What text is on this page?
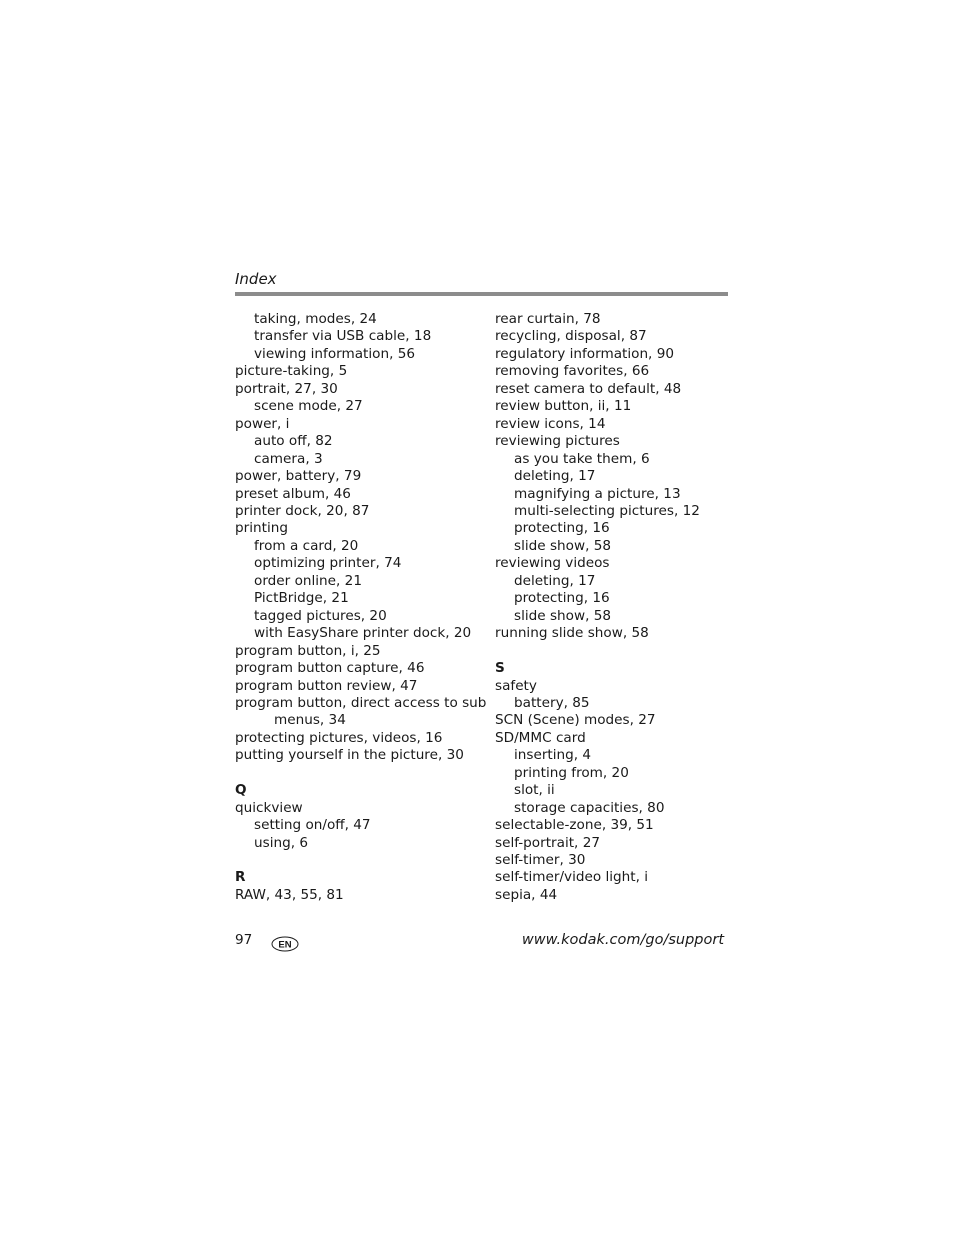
Index
taking, modes, 24
transfer via USB cable, 18
viewing information, 56
picture-taking, 5
portrait, 27, 30
scene mode, 27
power, i
auto off, 82
camera, 3
power, battery, 79
preset album, 46
printer dock, 20, 87
printing
from a card, 20
optimizing printer, 74
order online, 21
PictBridge, 21
tagged pictures, 20
with EasyShare printer dock, 20
program button, i, 25
program button capture, 46
program button review, 47
program button, direct access to sub
menus, 34
protecting pictures, videos, 16
putting yourself in the picture, 30
Q
quickview
setting on/off, 47
using, 6
R
RAW, 43, 55, 81
rear curtain, 78
recycling, disposal, 87
regulatory information, 90
removing favorites, 66
reset camera to default, 48
review button, ii, 11
review icons, 14
reviewing pictures
as you take them, 6
deleting, 17
magnifying a picture, 13
multi-selecting pictures, 12
protecting, 16
slide show, 58
reviewing videos
deleting, 17
protecting, 16
slide show, 58
running slide show, 58
S
safety
battery, 85
SCN (Scene) modes, 27
SD/MMC card
inserting, 4
printing from, 20
slot, ii
storage capacities, 80
selectable-zone, 39, 51
self-portrait, 27
self-timer, 30
self-timer/video light, i
sepia, 44
97	EN	www.kodak.com/go/support
